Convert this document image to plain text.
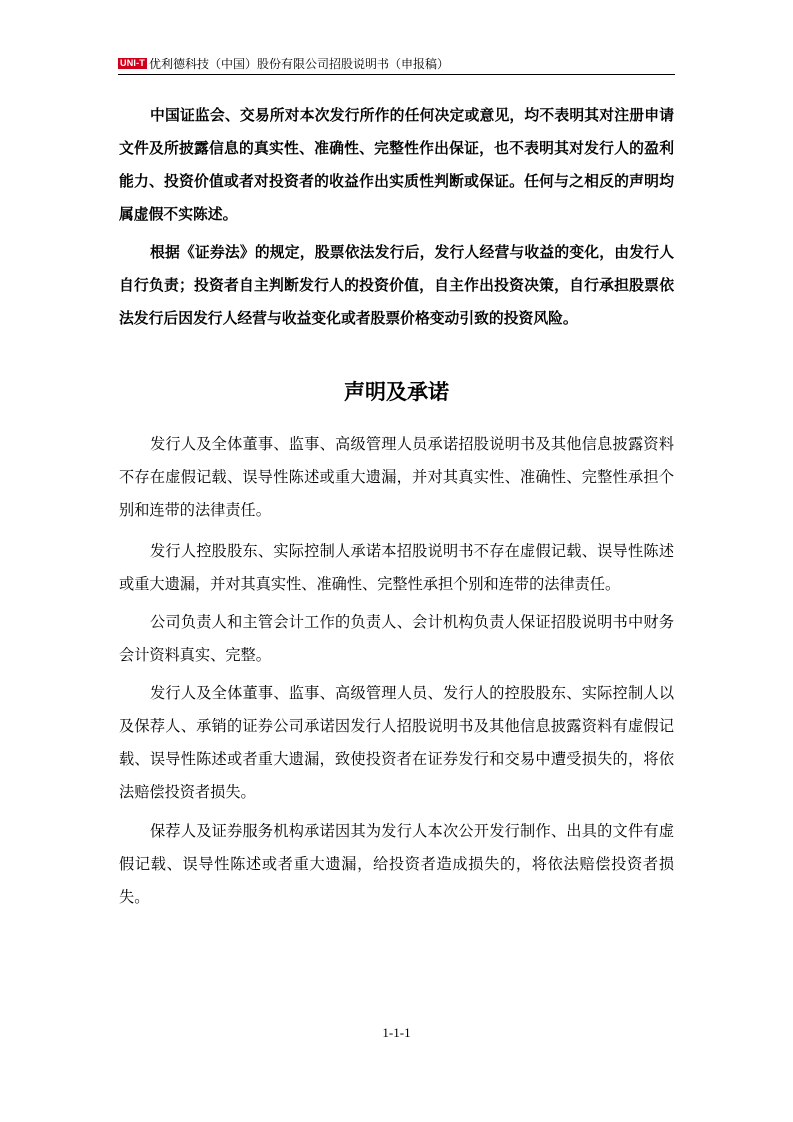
UNI-T 优利德科技（中国）股份有限公司招股说明书（申报稿）

中国证监会、交易所对本次发行所作的任何决定或意见，均不表明其对注册申请文件及所披露信息的真实性、准确性、完整性作出保证，也不表明其对发行人的盈利能力、投资价值或者对投资者的收益作出实质性判断或保证。任何与之相反的声明均属虚假不实陈述。

根据《证券法》的规定，股票依法发行后，发行人经营与收益的变化，由发行人自行负责；投资者自主判断发行人的投资价值，自主作出投资决策，自行承担股票依法发行后因发行人经营与收益变化或者股票价格变动引致的投资风险。

声明及承诺

发行人及全体董事、监事、高级管理人员承诺招股说明书及其他信息披露资料不存在虚假记载、误导性陈述或重大遗漏，并对其真实性、准确性、完整性承担个别和连带的法律责任。

发行人控股股东、实际控制人承诺本招股说明书不存在虚假记载、误导性陈述或重大遗漏，并对其真实性、准确性、完整性承担个别和连带的法律责任。

公司负责人和主管会计工作的负责人、会计机构负责人保证招股说明书中财务会计资料真实、完整。

发行人及全体董事、监事、高级管理人员、发行人的控股股东、实际控制人以及保荐人、承销的证券公司承诺因发行人招股说明书及其他信息披露资料有虚假记载、误导性陈述或者重大遗漏，致使投资者在证券发行和交易中遭受损失的，将依法赔偿投资者损失。

保荐人及证券服务机构承诺因其为发行人本次公开发行制作、出具的文件有虚假记载、误导性陈述或者重大遗漏，给投资者造成损失的，将依法赔偿投资者损失。

1-1-1
